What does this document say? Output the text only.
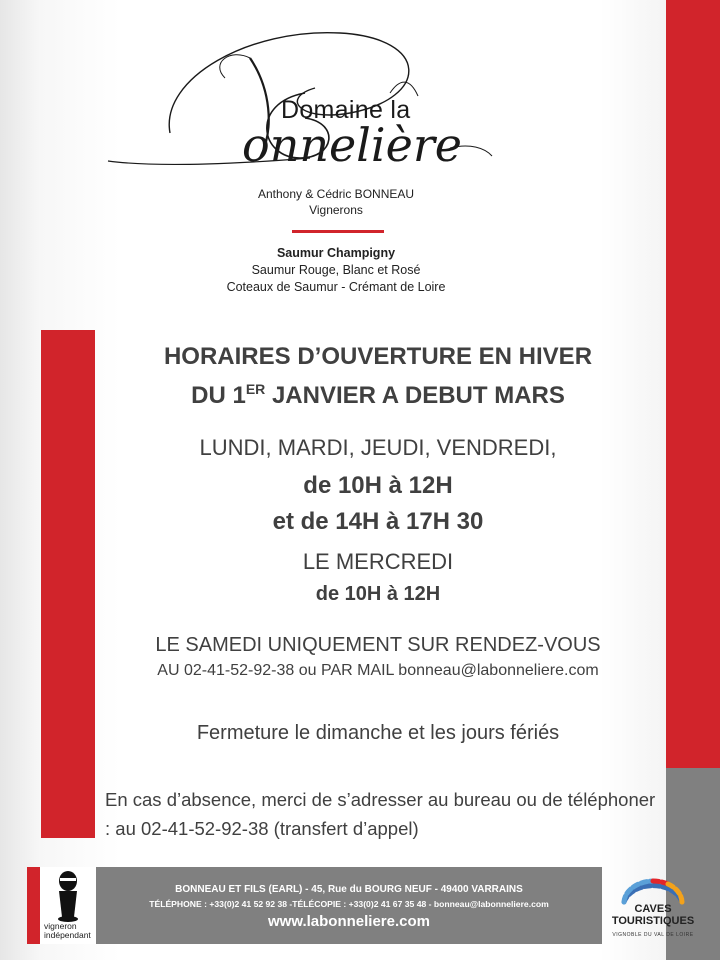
Domaine la
onnelière
Anthony & Cédric BONNEAU
Vignerons
Saumur Champigny
Saumur Rouge, Blanc et Rosé
Coteaux de Saumur - Crémant de Loire
HORAIRES D’OUVERTURE EN HIVER
DU 1ER JANVIER A DEBUT MARS
LUNDI, MARDI, JEUDI, VENDREDI,
de 10H à 12H
et de 14H à 17H 30
LE MERCREDI
de 10H à 12H
LE SAMEDI UNIQUEMENT SUR RENDEZ-VOUS
AU 02-41-52-92-38 ou PAR MAIL bonneau@labonneliere.com
Fermeture le dimanche et les jours fériés
En cas d’absence, merci de s’adresser au bureau ou de téléphoner : au 02-41-52-92-38 (transfert d’appel)
vigneron
indépendant
BONNEAU ET FILS (EARL) - 45, Rue du BOURG NEUF - 49400 VARRAINS
TÉLÉPHONE : +33(0)2 41 52 92 38 -TÉLÉCOPIE : +33(0)2 41 67 35 48 - bonneau@labonneliere.com
www.labonneliere.com
CAVES
TOURISTIQUES
VIGNOBLE DU VAL DE LOIRE
